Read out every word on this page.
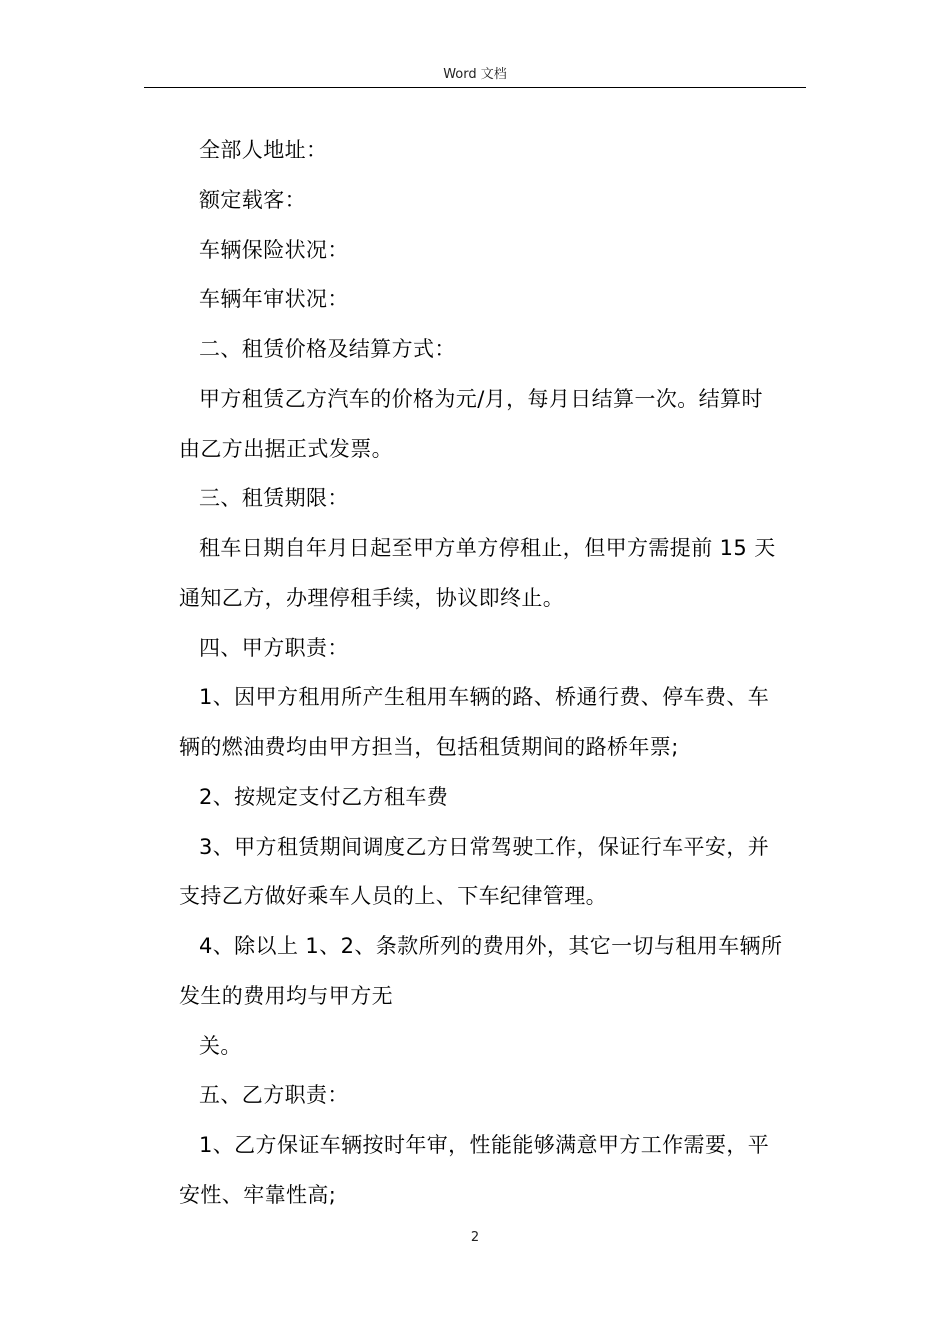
Word 文档
全部人地址：
额定载客：
车辆保险状况：
车辆年审状况：
二、租赁价格及结算方式：
甲方租赁乙方汽车的价格为元/月，每月日结算一次。结算时
由乙方出据正式发票。
三、租赁期限：
租车日期自年月日起至甲方单方停租止，但甲方需提前 15 天
通知乙方，办理停租手续，协议即终止。
四、甲方职责：
1、因甲方租用所产生租用车辆的路、桥通行费、停车费、车
辆的燃油费均由甲方担当，包括租赁期间的路桥年票;
2、按规定支付乙方租车费
3、甲方租赁期间调度乙方日常驾驶工作，保证行车平安，并
支持乙方做好乘车人员的上、下车纪律管理。
4、除以上 1、2、条款所列的费用外，其它一切与租用车辆所
发生的费用均与甲方无
关。
五、乙方职责：
1、乙方保证车辆按时年审，性能能够满意甲方工作需要，平
安性、牢靠性高;
2
